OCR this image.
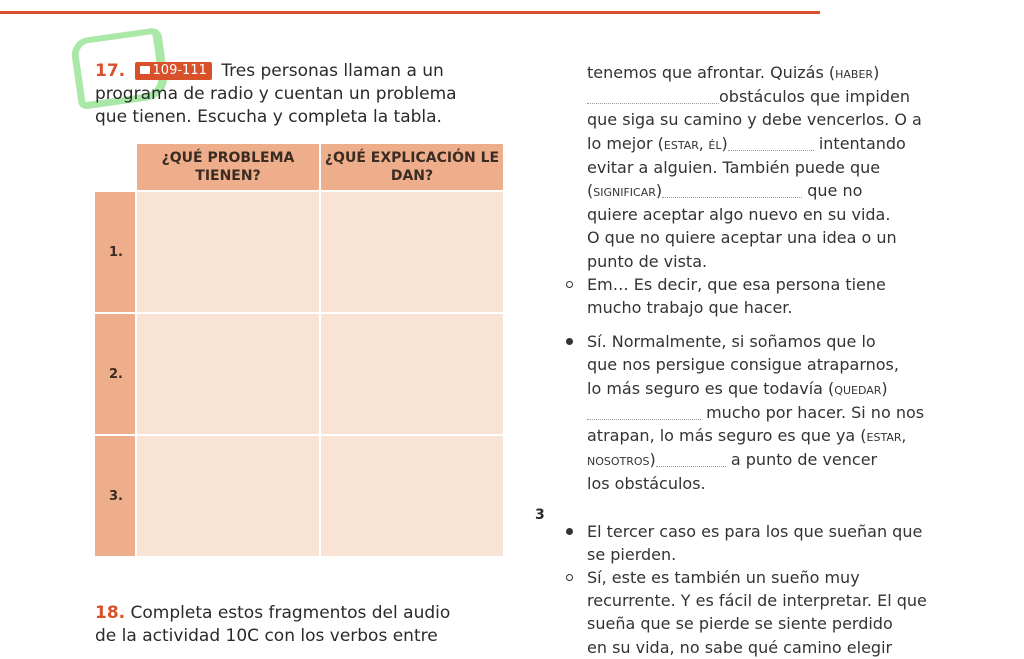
17. 109-111 Tres personas llaman a un
programa de radio y cuentan un problema
que tienen. Escucha y completa la tabla.
	¿QUÉ PROBLEMA TIENEN?	¿QUÉ EXPLICACIÓN LE DAN?
1.		
2.		
3.		
18. Completa estos fragmentos del audio
de la actividad 10C con los verbos entre
3

tenemos que afrontar. Quizás (haber)

obstáculos que impiden

que siga su camino y debe vencerlos. O a

lo mejor (estar, él)	intentando

evitar a alguien. También puede que

(significar)	que no

quiere aceptar algo nuevo en su vida.

O que no quiere aceptar una idea o un

punto de vista.

Em… Es decir, que esa persona tiene

mucho trabajo que hacer.

Sí. Normalmente, si soñamos que lo

que nos persigue consigue atraparnos,

lo más seguro es que todavía (quedar)

mucho por hacer. Si no nos

atrapan, lo más seguro es que ya (estar,

nosotros)	a punto de vencer

los obstáculos.

El tercer caso es para los que sueñan que

se pierden.

Sí, este es también un sueño muy

recurrente. Y es fácil de interpretar. El que

sueña que se pierde se siente perdido

en su vida, no sabe qué camino elegir
